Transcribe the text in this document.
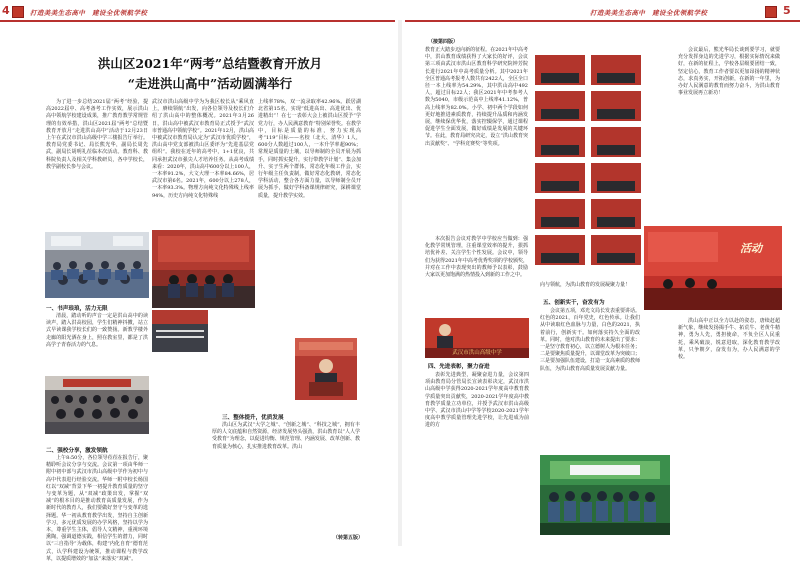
4	打造美美生态高中　建设全优领航学校	打造美美生态高中　建设全优领航学校	5
洪山区2021年“两考”总结暨教育开放月
“走进洪山高中”活动圆满举行
为了进一步总结2021届“两考”经验，提高2022届中、高考备考工作实效，展示洪山高中领航学校建设成果，推广教育教学常规管理的有效举措，洪山区2021届“两考”总结暨教育开放月“走进洪山高中”活动于12月23日上午在武汉市洪山高级中学三楼报告厅举行。教育局党委书记、局长熊光华，副局长周先武，副局长胡明礼莅临本次活动。教育科、教科院负责人及相关学科教研员，各中学校长，教学副校长参与会议。
一、书声琅琅，活力无限
清晨，踏动听的声音一定是洪山高中的读读声，踏入洪高校园，学生们精神抖擞，站立式早读课我学校长们的一致赞扬。新教学楼外走廊的阳光洒在身上，照在教室里，都是了洪高学子青春活力的气息。
二、强校分享，激发领航
上午8:50分，各位领导莅莅在报告厅，聚精聆听会议分享与交流。会议第一项由华师一附中初中部与武汉市洪山高级中学作为初中与高中代表进行经验交流。华师一附中校长杨国红以“双减”背景下华一初提升教育质量的坚守与变革为题，从“双减”政策出发，掌握“双减”的根本目的是推动教育高质量发展，作为新时代的教育人，我们要做好坚守与变革的选择题。华一初从教育教学出发，坚持自主创新学习，多元优质发展的办学风格，坚持以学为本，尊重学生主体，倡导人文精神，重视环境熏陶，强调道德实践，相信学生的潜力，同时以“三自指导”为载体，构建“内化自育”德育范式，认学科建设为统领，推动课程与教学改革，以提质增效的“加法”来落实“双减”。
武汉市洪山高级中学为为我区校长从“乘风直上，赓续领航”出发，向各位领导及校长们介绍了洪山高中的整体概况。2021年3月26日，洪山高中被武汉市教育局正式授予“武汉市普通高中领航学校”。2021年12月，洪山高中被武汉市教育局认定为“武汉市优质学校”，洪山高中党支部被洪山区委评为“先进基层党组织”。我校在近年的高考中，1+1优良，共同承担武汉市强尖人才培养任务。从高考成绩来看：2020年，洪山高中600分以上100人，一本率91.2%，大文大理一本率84.66%，居武汉市第6名。2021年，600分以上278人，一本率93.3%。物理方向纯文化特殊线上线率94%，历史方向纯文化特殊线
上线率78%，双一流录取率42.96%。跃居湖北省第15名，实现“低进高出、高进优出、优进精出”！在七一表彰大会上被洪山区授予“学党力行，办人民满意教育”特别荣誉奖。在教学中，目标是质量的标准，努力实现高考“119”目标——名校（北大、清华）1人，600分人数超过100人，一本升学率超90%；常规是质量的土壤，以导师制的全员开展为抓手，同时抓实提升，实行带教学计划”、集会加升、实子生两个群体，常态化年级工作会，实行年级主任负责制，做好常态化教研，常态化学科活动，整合各方面力量，以导师制全员开展为抓手，做好学科备课规律研究，深耕课堂质量，提升教学实效。
三、整体提升，优质发展
洪山区为武汉“大学之城”、“创新之城”、“科技之城”，拥有丰厚的人文底蕴和自然资源，经济发展势头强劲，洪山教育以“人人学受教育”为理念，以促进均衡、规范管理、内涵发展、改革创新、教育质量为核心，扎实推进教育改革。洪山
（转第五版）
（接第四版）
教育正大踏步迈向新的征程。在2021年中高考中，洪山教育成绩获得了大家长的好评，会议第三项由武汉市洪山区教育科学研究院钟芳院长进行2021年中高考质量分析。其中2021年全区普通高考报考人数共有2422人，全区全口径一本上线率为54.29%，其中洪山高中492人，超过目标22人；我区2021年中考参考人数为5040，市级示范高中上线率41.12%，普高上线率为82.0%。小学、初中两个学段如何更好地推进素质教育，持续提升品质和内涵发展，继续保优华优，落实控辍保学，通过课程促进学生全面发展，做好成绩是发展的关键环节。在此，教育局研究决定，设立“洪山教育突出贡献奖”、“学科竞赛奖”等奖项。
本次报告会议对教学中学校应当做到：强化教学常规管理，注重课堂效率的提升，狠抓培优补差、关注学生个性发展。会议中，领导们为获得2021年中高考优秀奖项的学校颁奖，并对在工作中表现突出的教师予以表彰，鼓励大家以更加饱满的热情投入到新的工作之中。
武汉市洪山高级中学
四、先进表彰，聚力奋进
表彰先进典型，凝聚奋进力量，会议第四项由教育局分管局长宣读表彰决定，武汉市洪山高级中学获得2020-2021学年度高中教育教学质量突出贡献奖，2020-2021学年度高中教育教学质量立功单位，并授予武汉市洪山高级中学、武汉市洪山中学等学校2020-2021学年度高中教学质量管理先进学校，让先进成为前进的方
向与领航，为洪山教育的发展凝聚力量！
五、创新实干，奋发有为
会议第五项，邓光文局长发表重要讲话。红色的2021，百年党史，红色传承。让我们从中读取红色血脉与力量，白色的2021，执着前行，创新实干。如何落实持久全面的改革。同时，他对洪山教育的未来提出了要求：一是坚守教育初心，以立德树人为根本任务；二是要聚焦质量提升，以课堂改革为突破口；三是要加强队伍建设，打造一支高素质的教师队伍，为洪山教育高质量发展贡献力量。
会议最后，熊光华局长谈到要学习，就要充分发挥身边的先进学习，根据实际情况来做好，在新的征程上，学校各层级要团结一致，坚定信心，教育工作者要以更加昂扬的精神状态，求真务实，开拓创新，在新的一年里，为办好人民满意的教育而努力奋斗，为洪山教育事业发展再立新功！
活动
洪山高中正以全力以赴的姿态，唐续赶超新气象，继续发扬揭手牛、拓荒牛、老黄牛精神，勇为人先，勇担使命，不负全区人民重托，乘风破浪，锐意进取，深化教育教学改革，只争朝夕，奋发有为，办人民满意的学校。
